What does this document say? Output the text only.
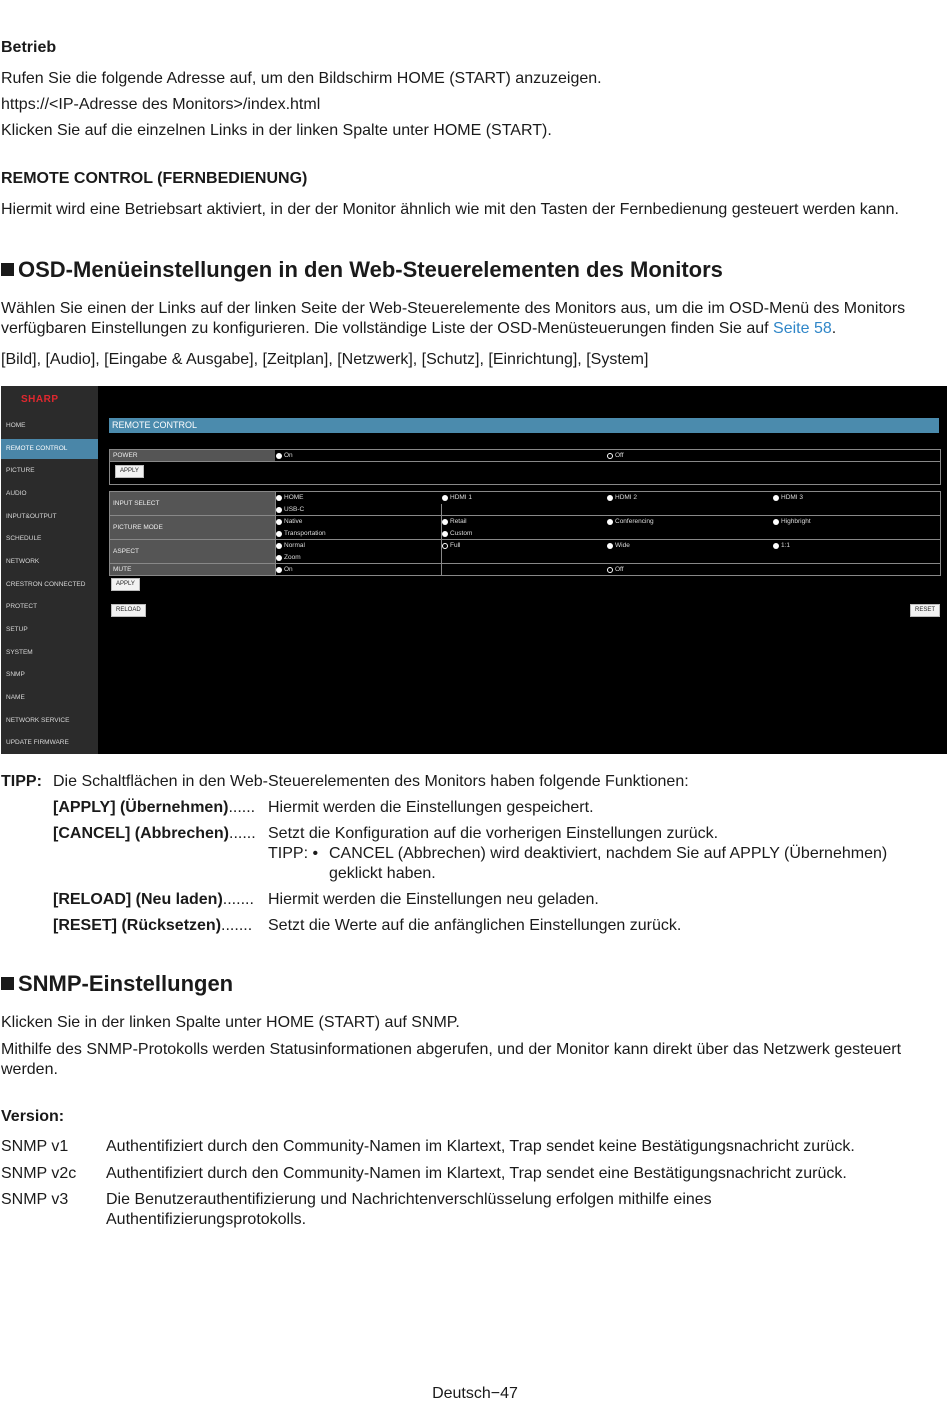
Betrieb
Rufen Sie die folgende Adresse auf, um den Bildschirm HOME (START) anzuzeigen.
https://<IP-Adresse des Monitors>/index.html
Klicken Sie auf die einzelnen Links in der linken Spalte unter HOME (START).
REMOTE CONTROL (FERNBEDIENUNG)
Hiermit wird eine Betriebsart aktiviert, in der der Monitor ähnlich wie mit den Tasten der Fernbedienung gesteuert werden kann.
OSD-Menüeinstellungen in den Web-Steuerelementen des Monitors
Wählen Sie einen der Links auf der linken Seite der Web-Steuerelemente des Monitors aus, um die im OSD-Menü des Monitors
verfügbaren Einstellungen zu konfigurieren. Die vollständige Liste der OSD-Menüsteuerungen finden Sie auf Seite 58.
[Bild], [Audio], [Eingabe & Ausgabe], [Zeitplan], [Netzwerk], [Schutz], [Einrichtung], [System]
SHARP
HOME
REMOTE CONTROL
PICTURE
AUDIO
INPUT&OUTPUT
SCHEDULE
NETWORK
CRESTRON CONNECTED
PROTECT
SETUP
SYSTEM
SNMP
NAME
NETWORK SERVICE
UPDATE FIRMWARE
REMOTE CONTROL
POWER	On	Off
APPLY
INPUT SELECT
HOME	HDMI 1	HDMI 2	HDMI 3
USB-C
PICTURE MODE
Native	Retail	Conferencing	Highbright
Transportation	Custom
ASPECT
Normal	Full	Wide	1:1
Zoom
MUTE	On	Off
APPLY
RELOAD	RESET
TIPP: Die Schaltflächen in den Web-Steuerelementen des Monitors haben folgende Funktionen:
[APPLY] (Übernehmen)...... Hiermit werden die Einstellungen gespeichert.
[CANCEL] (Abbrechen)...... Setzt die Konfiguration auf die vorherigen Einstellungen zurück.
TIPP: • CANCEL (Abbrechen) wird deaktiviert, nachdem Sie auf APPLY (Übernehmen)
geklickt haben.
[RELOAD] (Neu laden)....... Hiermit werden die Einstellungen neu geladen.
[RESET] (Rücksetzen)....... Setzt die Werte auf die anfänglichen Einstellungen zurück.
SNMP-Einstellungen
Klicken Sie in der linken Spalte unter HOME (START) auf SNMP.
Mithilfe des SNMP-Protokolls werden Statusinformationen abgerufen, und der Monitor kann direkt über das Netzwerk gesteuert
werden.
Version:
SNMP v1 Authentifiziert durch den Community-Namen im Klartext, Trap sendet keine Bestätigungsnachricht zurück.
SNMP v2c Authentifiziert durch den Community-Namen im Klartext, Trap sendet eine Bestätigungsnachricht zurück.
SNMP v3 Die Benutzerauthentifizierung und Nachrichtenverschlüsselung erfolgen mithilfe eines
Authentifizierungsprotokolls.
Deutsch−47
